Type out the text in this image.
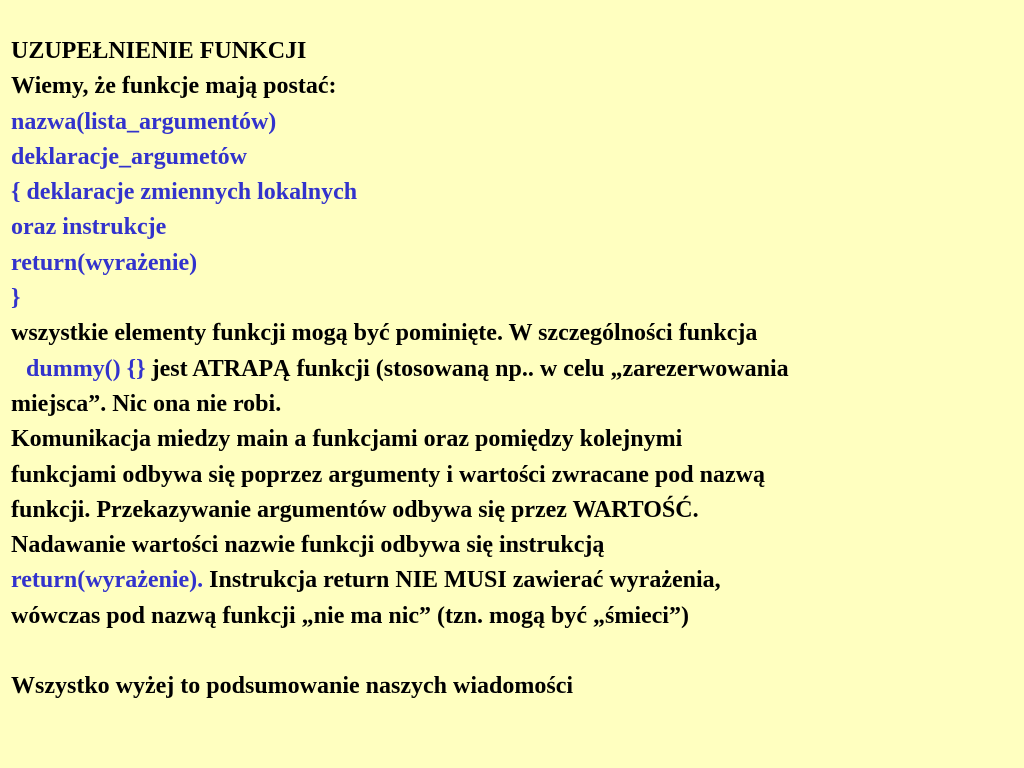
UZUPEŁNIENIE FUNKCJI
Wiemy, że funkcje mają postać:
nazwa(lista_argumentów)
deklaracje_argumetów
{ deklaracje zmiennych lokalnych
oraz instrukcje
return(wyrażenie)
}
wszystkie elementy funkcji mogą być pominięte. W szczególności funkcja
dummy() {} jest ATRAPĄ funkcji (stosowaną np.. w celu „zarezerwowania
miejsca”. Nic ona nie robi.
Komunikacja miedzy main a funkcjami oraz pomiędzy kolejnymi
funkcjami odbywa się poprzez argumenty i wartości zwracane pod nazwą
funkcji. Przekazywanie argumentów odbywa się przez WARTOŚĆ.
Nadawanie wartości nazwie funkcji odbywa się instrukcją
return(wyrażenie). Instrukcja return NIE MUSI zawierać wyrażenia,
wówczas pod nazwą funkcji „nie ma nic” (tzn. mogą być „śmieci”)
Wszystko wyżej to podsumowanie naszych wiadomości
